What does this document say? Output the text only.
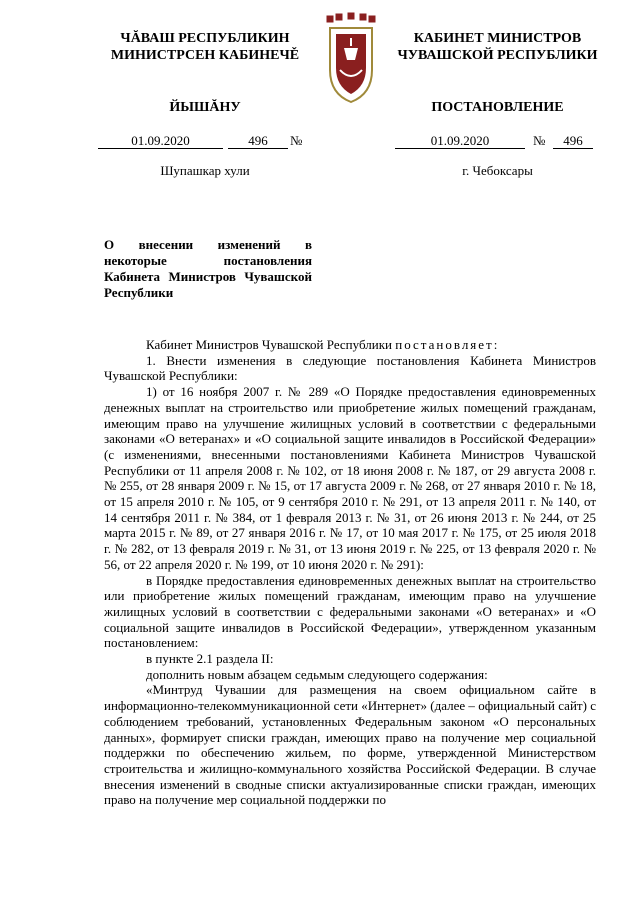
ЧĂВАШ РЕСПУБЛИКИН
МИНИСТРСЕН КАБИНЕЧĚ
ЙЫШĂНУ
КАБИНЕТ МИНИСТРОВ
ЧУВАШСКОЙ РЕСПУБЛИКИ
ПОСТАНОВЛЕНИЕ
01.09.2020	496	№	01.09.2020	№	496
Шупашкар хули	г. Чебоксары
О внесении изменений в некоторые постановления Кабинета Министров Чувашской Республики

Кабинет Министров Чувашской Республики постановляет:

1. Внести изменения в следующие постановления Кабинета Министров Чувашской Республики:

1) от 16 ноября 2007 г. № 289 «О Порядке предоставления единовременных денежных выплат на строительство или приобретение жилых помещений гражданам, имеющим право на улучшение жилищных условий в соответствии с федеральными законами «О ветеранах» и «О социальной защите инвалидов в Российской Федерации» (с изменениями, внесенными постановлениями Кабинета Министров Чувашской Республики от 11 апреля 2008 г. № 102, от 18 июня 2008 г. № 187, от 29 августа 2008 г. № 255, от 28 января 2009 г. № 15, от 17 августа 2009 г. № 268, от 27 января 2010 г. № 18, от 15 апреля 2010 г. № 105, от 9 сентября 2010 г. № 291, от 13 апреля 2011 г. № 140, от 14 сентября 2011 г. № 384, от 1 февраля 2013 г. № 31, от 26 июня 2013 г. № 244, от 25 марта 2015 г. № 89, от 27 января 2016 г. № 17, от 10 мая 2017 г. № 175, от 25 июля 2018 г. № 282, от 13 февраля 2019 г. № 31, от 13 июня 2019 г. № 225, от 13 февраля 2020 г. № 56, от 22 апреля 2020 г. № 199, от 10 июня 2020 г. № 291):

в Порядке предоставления единовременных денежных выплат на строительство или приобретение жилых помещений гражданам, имеющим право на улучшение жилищных условий в соответствии с федеральными законами «О ветеранах» и «О социальной защите инвалидов в Российской Федерации», утвержденном указанным постановлением:

в пункте 2.1 раздела II:

дополнить новым абзацем седьмым следующего содержания:

«Минтруд Чувашии для размещения на своем официальном сайте в информационно-телекоммуникационной сети «Интернет» (далее – официальный сайт) с соблюдением требований, установленных Федеральным законом «О персональных данных», формирует списки граждан, имеющих право на получение мер социальной поддержки по обеспечению жильем, по форме, утвержденной Министерством строительства и жилищно-коммунального хозяйства Российской Федерации. В случае внесения изменений в сводные списки актуализированные списки граждан, имеющих право на получение мер социальной поддержки по
